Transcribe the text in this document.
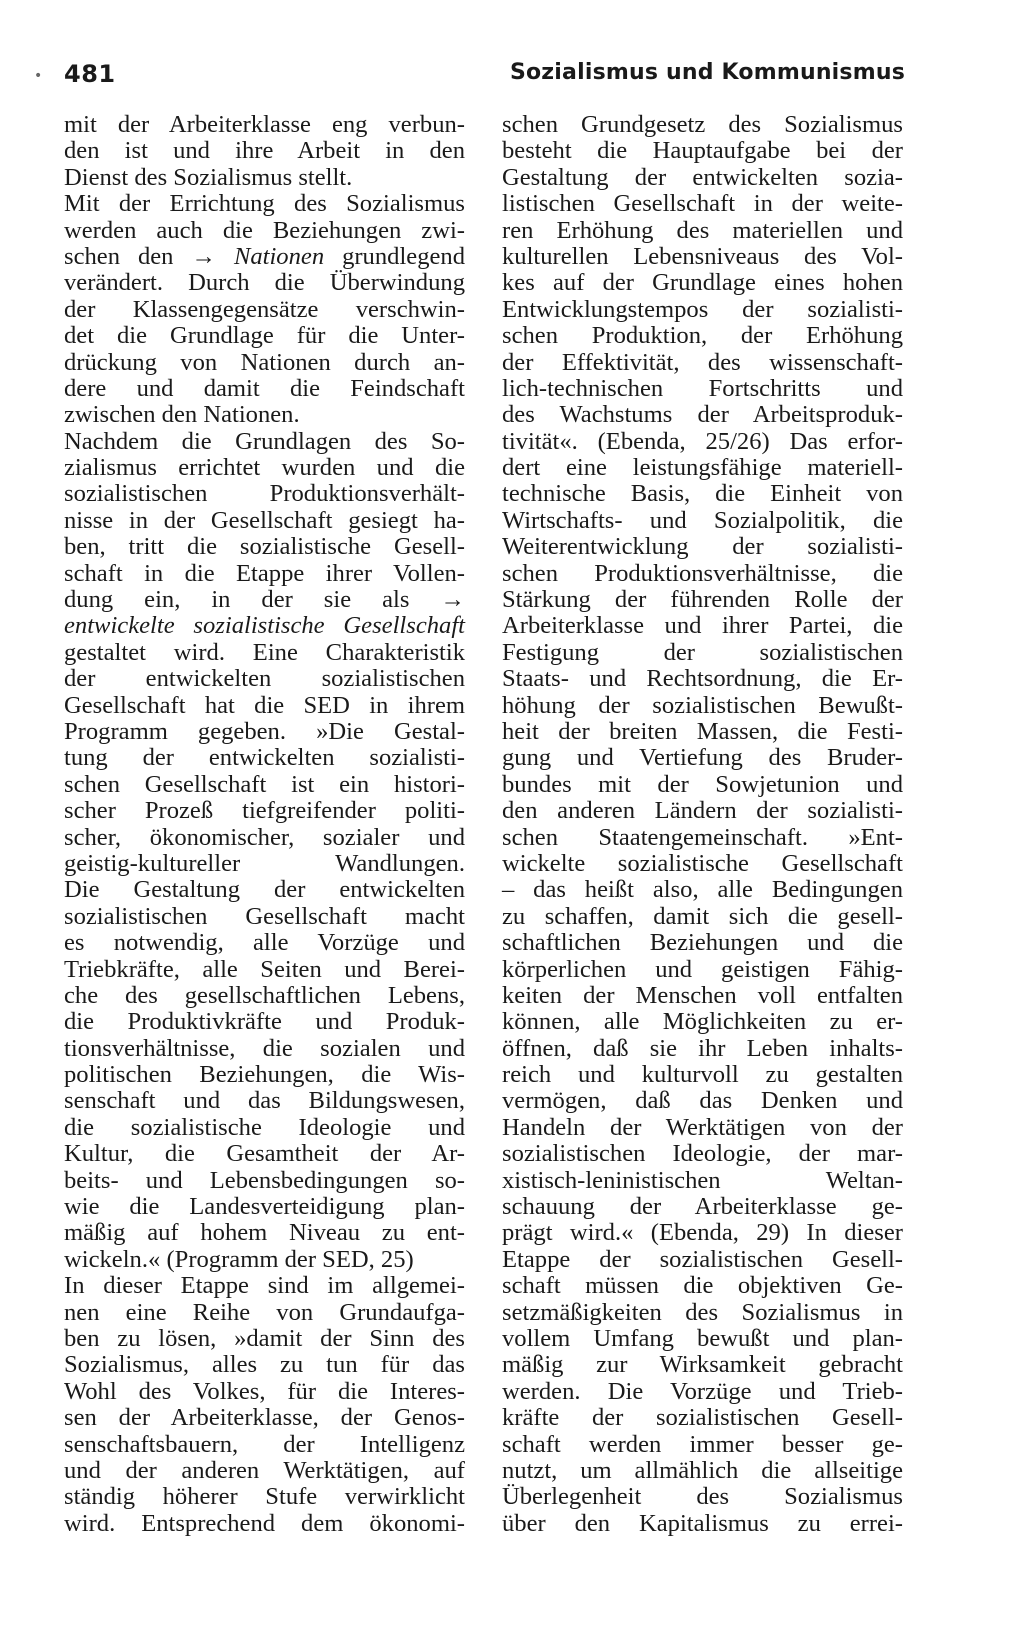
• 481	Sozialismus und Kommunismus
mit der Arbeiterklasse eng verbun-
den ist und ihre Arbeit in den
Dienst des Sozialismus stellt.
Mit der Errichtung des Sozialismus
werden auch die Beziehungen zwi-
schen den → Nationen grundlegend
verändert. Durch die Überwindung
der Klassengegensätze verschwin-
det die Grundlage für die Unter-
drückung von Nationen durch an-
dere und damit die Feindschaft
zwischen den Nationen.
Nachdem die Grundlagen des So-
zialismus errichtet wurden und die
sozialistischen Produktionsverhält-
nisse in der Gesellschaft gesiegt ha-
ben, tritt die sozialistische Gesell-
schaft in die Etappe ihrer Vollen-
dung ein, in der sie als →
entwickelte sozialistische Gesellschaft
gestaltet wird. Eine Charakteristik
der entwickelten sozialistischen
Gesellschaft hat die SED in ihrem
Programm gegeben. »Die Gestal-
tung der entwickelten sozialisti-
schen Gesellschaft ist ein histori-
scher Prozeß tiefgreifender politi-
scher, ökonomischer, sozialer und
geistig-kultureller Wandlungen.
Die Gestaltung der entwickelten
sozialistischen Gesellschaft macht
es notwendig, alle Vorzüge und
Triebkräfte, alle Seiten und Berei-
che des gesellschaftlichen Lebens,
die Produktivkräfte und Produk-
tionsverhältnisse, die sozialen und
politischen Beziehungen, die Wis-
senschaft und das Bildungswesen,
die sozialistische Ideologie und
Kultur, die Gesamtheit der Ar-
beits- und Lebensbedingungen so-
wie die Landesverteidigung plan-
mäßig auf hohem Niveau zu ent-
wickeln.« (Programm der SED, 25)
In dieser Etappe sind im allgemei-
nen eine Reihe von Grundaufga-
ben zu lösen, »damit der Sinn des
Sozialismus, alles zu tun für das
Wohl des Volkes, für die Interes-
sen der Arbeiterklasse, der Genos-
senschaftsbauern, der Intelligenz
und der anderen Werktätigen, auf
ständig höherer Stufe verwirklicht
wird. Entsprechend dem ökonomi-
schen Grundgesetz des Sozialismus
besteht die Hauptaufgabe bei der
Gestaltung der entwickelten sozia-
listischen Gesellschaft in der weite-
ren Erhöhung des materiellen und
kulturellen Lebensniveaus des Vol-
kes auf der Grundlage eines hohen
Entwicklungstempos der sozialisti-
schen Produktion, der Erhöhung
der Effektivität, des wissenschaft-
lich-technischen Fortschritts und
des Wachstums der Arbeitsproduk-
tivität«. (Ebenda, 25/26) Das erfor-
dert eine leistungsfähige materiell-
technische Basis, die Einheit von
Wirtschafts- und Sozialpolitik, die
Weiterentwicklung der sozialisti-
schen Produktionsverhältnisse, die
Stärkung der führenden Rolle der
Arbeiterklasse und ihrer Partei, die
Festigung der sozialistischen
Staats- und Rechtsordnung, die Er-
höhung der sozialistischen Bewußt-
heit der breiten Massen, die Festi-
gung und Vertiefung des Bruder-
bundes mit der Sowjetunion und
den anderen Ländern der sozialisti-
schen Staatengemeinschaft. »Ent-
wickelte sozialistische Gesellschaft
– das heißt also, alle Bedingungen
zu schaffen, damit sich die gesell-
schaftlichen Beziehungen und die
körperlichen und geistigen Fähig-
keiten der Menschen voll entfalten
können, alle Möglichkeiten zu er-
öffnen, daß sie ihr Leben inhalts-
reich und kulturvoll zu gestalten
vermögen, daß das Denken und
Handeln der Werktätigen von der
sozialistischen Ideologie, der mar-
xistisch-leninistischen Weltan-
schauung der Arbeiterklasse ge-
prägt wird.« (Ebenda, 29) In dieser
Etappe der sozialistischen Gesell-
schaft müssen die objektiven Ge-
setzmäßigkeiten des Sozialismus in
vollem Umfang bewußt und plan-
mäßig zur Wirksamkeit gebracht
werden. Die Vorzüge und Trieb-
kräfte der sozialistischen Gesell-
schaft werden immer besser ge-
nutzt, um allmählich die allseitige
Überlegenheit des Sozialismus
über den Kapitalismus zu errei-
